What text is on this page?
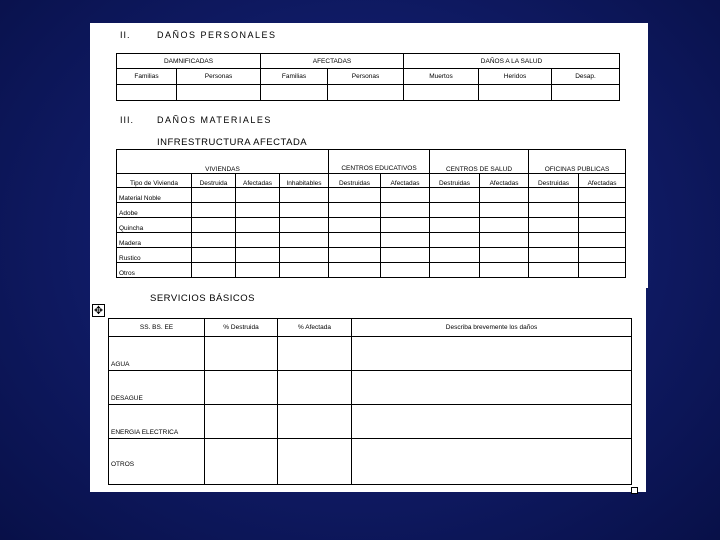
II.	DAÑOS PERSONALES
DAMNIFICADAS		AFECTADAS		DAÑOS A LA SALUD		
Familias	Personas	Familias	Personas	Muertos	Heridos	Desap.

III.	DAÑOS MATERIALES
INFRESTRUCTURA AFECTADA
VIVIENDAS				CENTROS EDUCATIVOS		CENTROS DE SALUD		OFICINAS PUBLICAS	
Tipo de Vivienda	Destruida	Afectadas	Inhabitables	Destruidas	Afectadas	Destruidas	Afectadas	Destruidas	Afectadas
Material Noble									
Adobe									
Quincha									
Madera									
Rustico									
Otros									
SERVICIOS BÁSICOS
SS. BS. EE	% Destruida	% Afectada	Describa brevemente los daños
AGUA			
DESAGUE			
ENERGIA ELECTRICA			
OTROS			
✥
